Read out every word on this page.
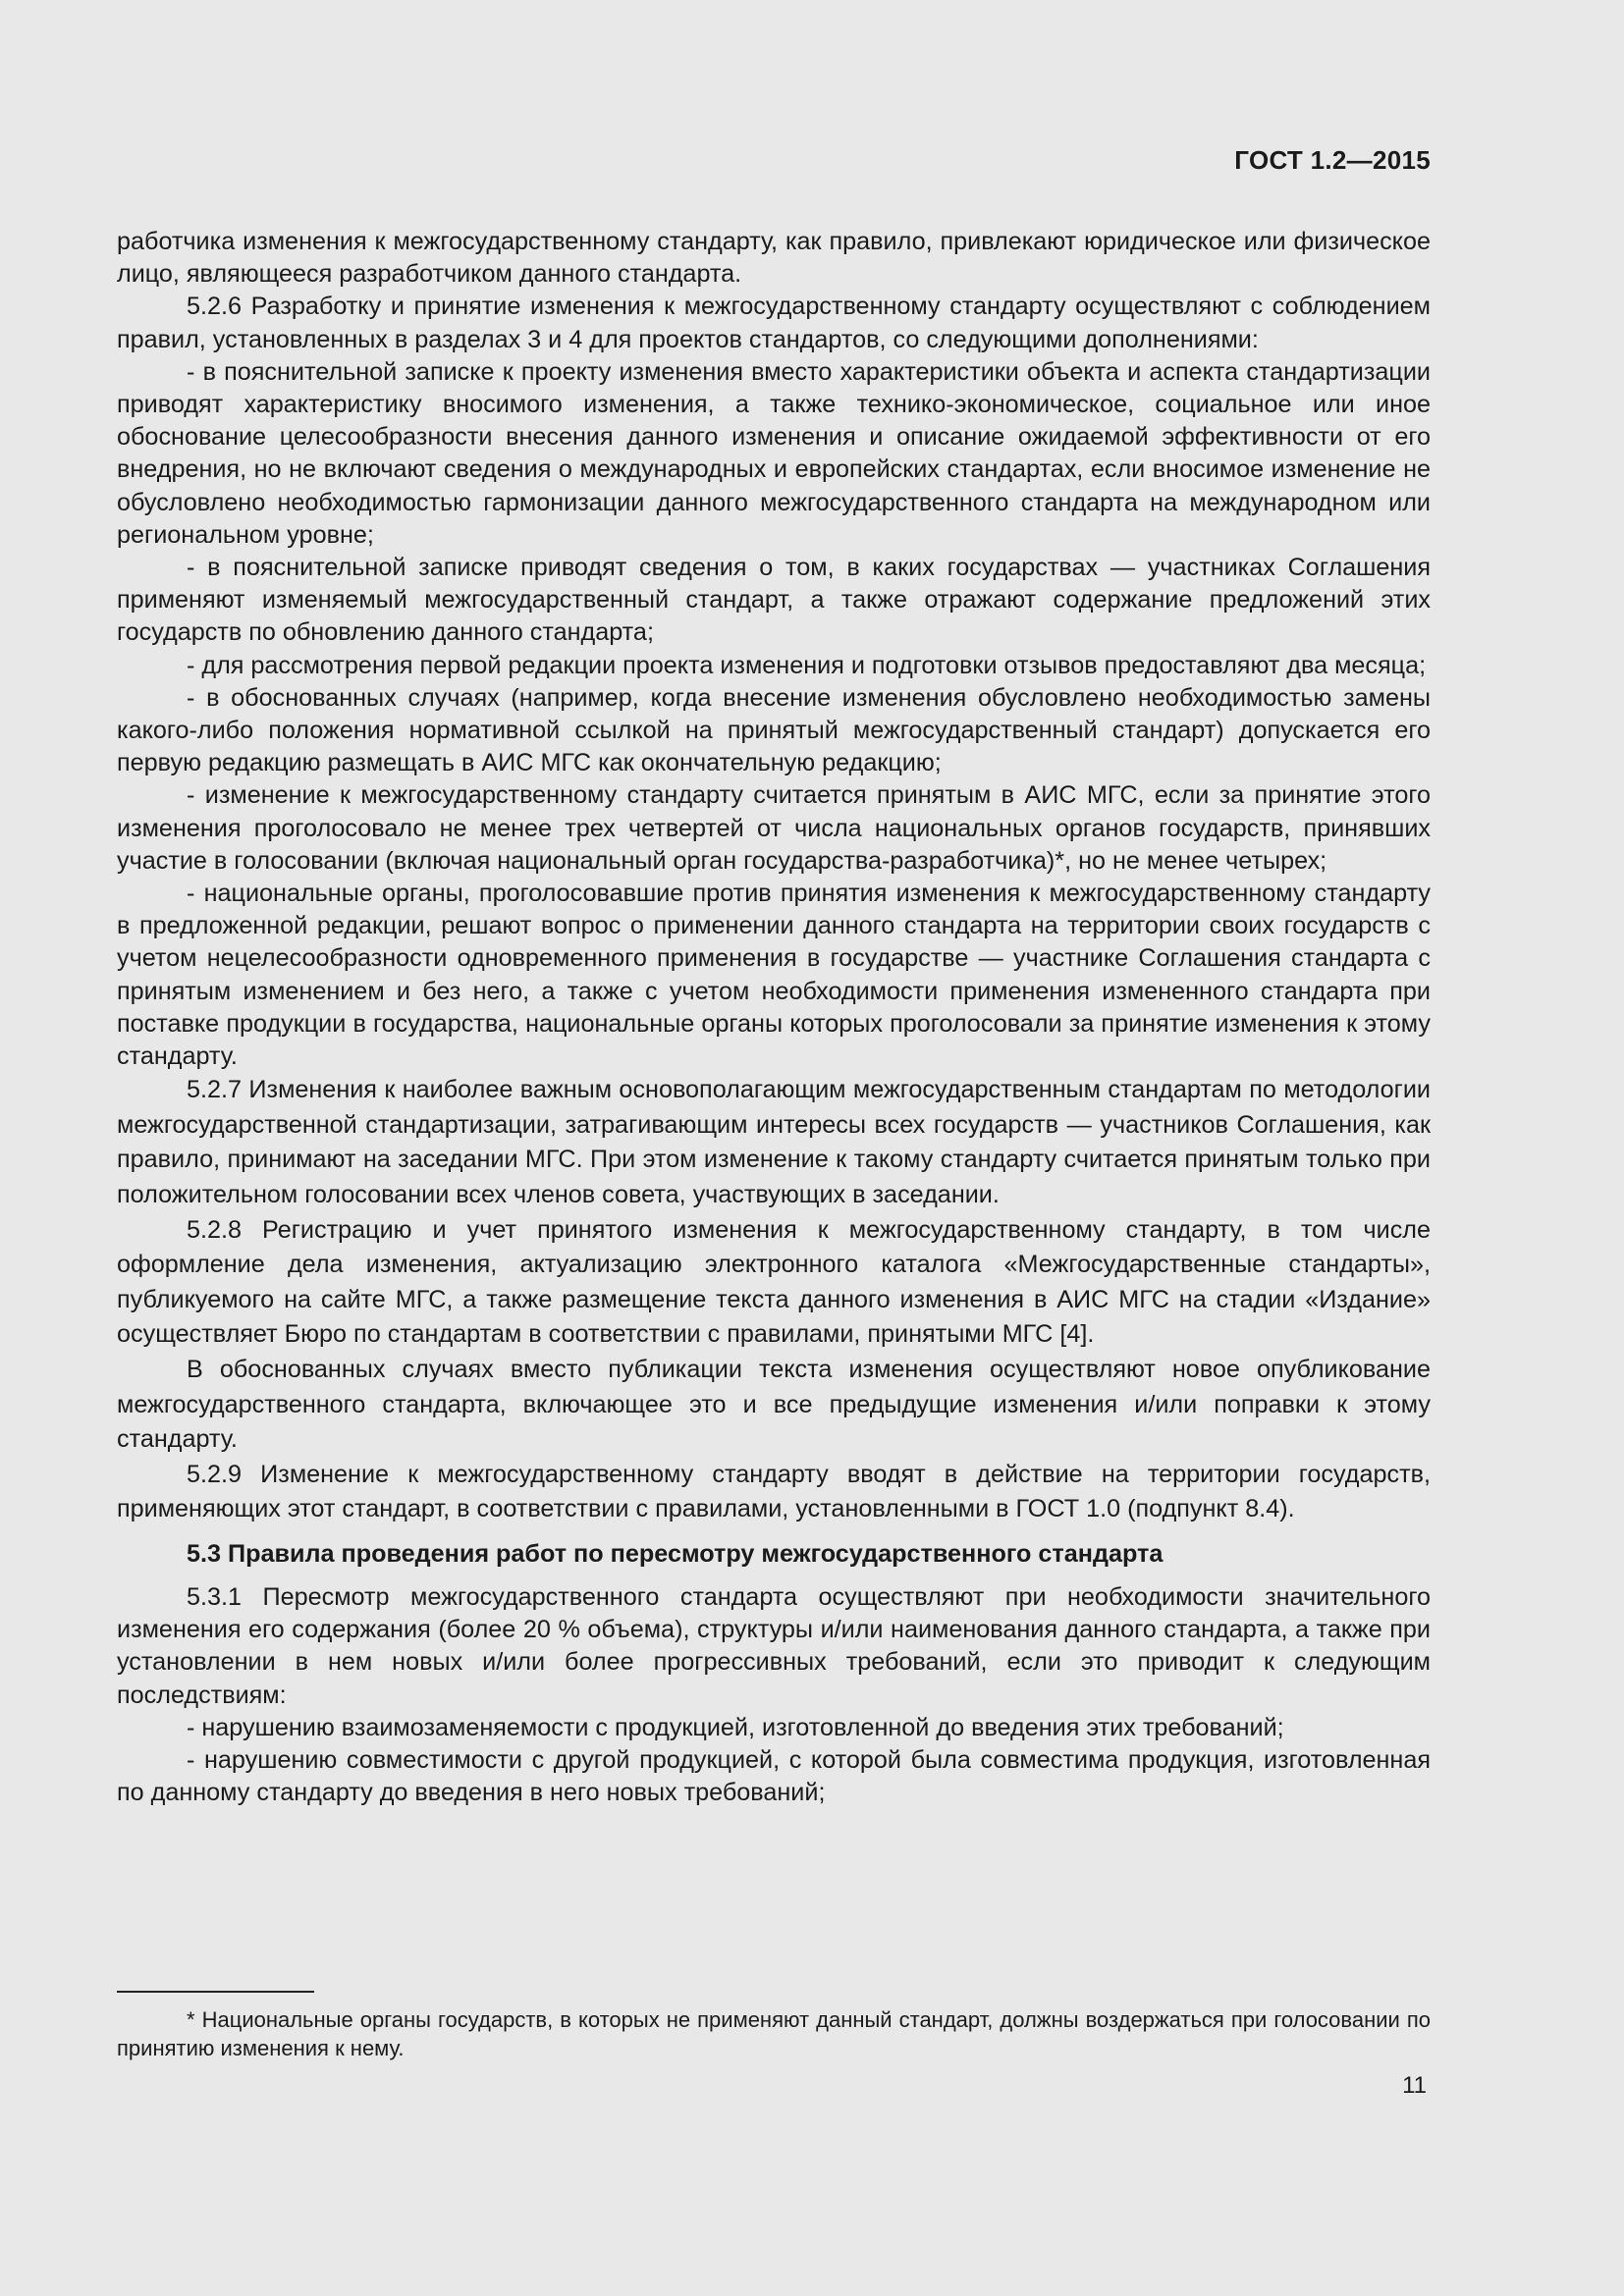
ГОСТ 1.2—2015

работчика изменения к межгосударственному стандарту, как правило, привлекают юридическое или физическое лицо, являющееся разработчиком данного стандарта.

5.2.6 Разработку и принятие изменения к межгосударственному стандарту осуществляют с соблюдением правил, установленных в разделах 3 и 4 для проектов стандартов, со следующими дополнениями:

- в пояснительной записке к проекту изменения вместо характеристики объекта и аспекта стандартизации приводят характеристику вносимого изменения, а также технико-экономическое, социальное или иное обоснование целесообразности внесения данного изменения и описание ожидаемой эффективности от его внедрения, но не включают сведения о международных и европейских стандартах, если вносимое изменение не обусловлено необходимостью гармонизации данного межгосударственного стандарта на международном или региональном уровне;

- в пояснительной записке приводят сведения о том, в каких государствах — участниках Соглашения применяют изменяемый межгосударственный стандарт, а также отражают содержание предложений этих государств по обновлению данного стандарта;

- для рассмотрения первой редакции проекта изменения и подготовки отзывов предоставляют два месяца;

- в обоснованных случаях (например, когда внесение изменения обусловлено необходимостью замены какого-либо положения нормативной ссылкой на принятый межгосударственный стандарт) допускается его первую редакцию размещать в АИС МГС как окончательную редакцию;

- изменение к межгосударственному стандарту считается принятым в АИС МГС, если за принятие этого изменения проголосовало не менее трех четвертей от числа национальных органов государств, принявших участие в голосовании (включая национальный орган государства-разработчика)*, но не менее четырех;

- национальные органы, проголосовавшие против принятия изменения к межгосударственному стандарту в предложенной редакции, решают вопрос о применении данного стандарта на территории своих государств с учетом нецелесообразности одновременного применения в государстве — участнике Соглашения стандарта с принятым изменением и без него, а также с учетом необходимости применения измененного стандарта при поставке продукции в государства, национальные органы которых проголосовали за принятие изменения к этому стандарту.

5.2.7 Изменения к наиболее важным основополагающим межгосударственным стандартам по методологии межгосударственной стандартизации, затрагивающим интересы всех государств — участников Соглашения, как правило, принимают на заседании МГС. При этом изменение к такому стандарту считается принятым только при положительном голосовании всех членов совета, участвующих в заседании.

5.2.8 Регистрацию и учет принятого изменения к межгосударственному стандарту, в том числе оформление дела изменения, актуализацию электронного каталога «Межгосударственные стандарты», публикуемого на сайте МГС, а также размещение текста данного изменения в АИС МГС на стадии «Издание» осуществляет Бюро по стандартам в соответствии с правилами, принятыми МГС [4].

В обоснованных случаях вместо публикации текста изменения осуществляют новое опубликование межгосударственного стандарта, включающее это и все предыдущие изменения и/или поправки к этому стандарту.

5.2.9 Изменение к межгосударственному стандарту вводят в действие на территории государств, применяющих этот стандарт, в соответствии с правилами, установленными в ГОСТ 1.0 (подпункт 8.4).

5.3 Правила проведения работ по пересмотру межгосударственного стандарта

5.3.1 Пересмотр межгосударственного стандарта осуществляют при необходимости значительного изменения его содержания (более 20 % объема), структуры и/или наименования данного стандарта, а также при установлении в нем новых и/или более прогрессивных требований, если это приводит к следующим последствиям:

- нарушению взаимозаменяемости с продукцией, изготовленной до введения этих требований;

- нарушению совместимости с другой продукцией, с которой была совместима продукция, изготовленная по данному стандарту до введения в него новых требований;

* Национальные органы государств, в которых не применяют данный стандарт, должны воздержаться при голосовании по принятию изменения к нему.

11
